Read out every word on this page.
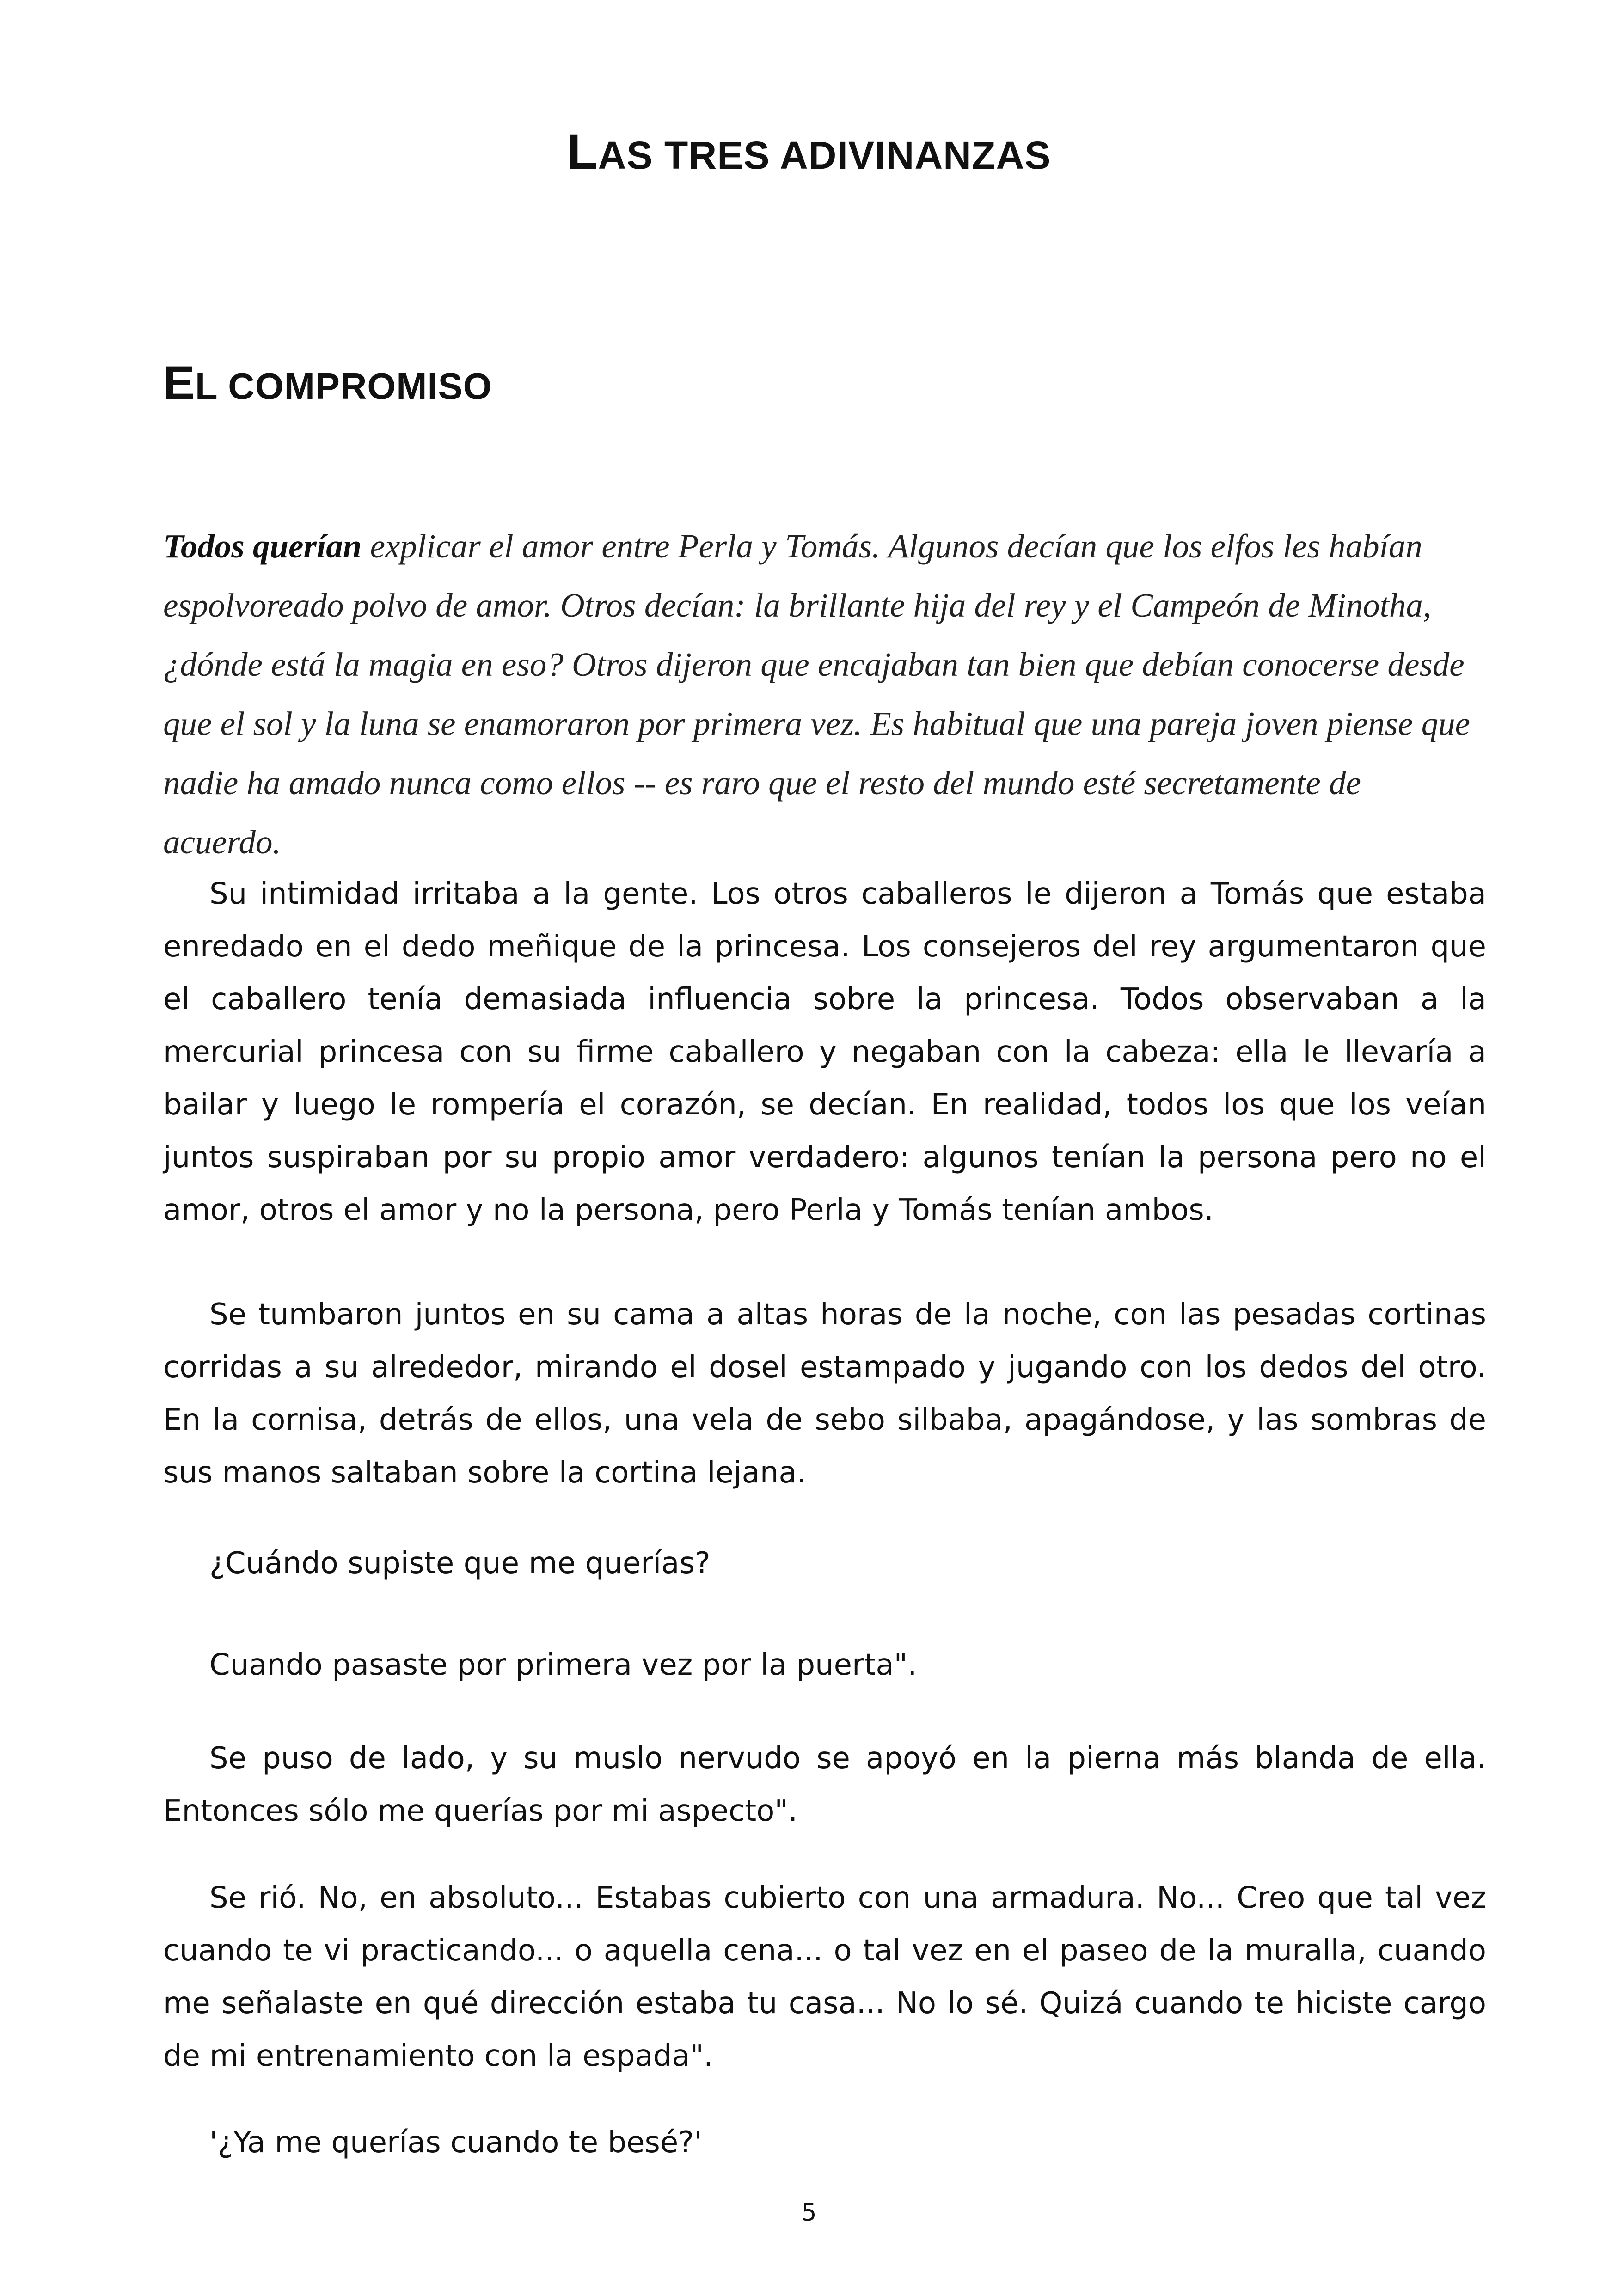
LAS TRES ADIVINANZAS
EL COMPROMISO

Todos querían explicar el amor entre Perla y Tomás. Algunos decían que los elfos les habían espolvoreado polvo de amor. Otros decían: la brillante hija del rey y el Campeón de Minotha, ¿dónde está la magia en eso? Otros dijeron que encajaban tan bien que debían conocerse desde que el sol y la luna se enamoraron por primera vez. Es habitual que una pareja joven piense que nadie ha amado nunca como ellos -- es raro que el resto del mundo esté secretamente de acuerdo.

Su intimidad irritaba a la gente. Los otros caballeros le dijeron a Tomás que estaba enredado en el dedo meñique de la princesa. Los consejeros del rey argumentaron que el caballero tenía demasiada influencia sobre la princesa. Todos observaban a la mercurial princesa con su firme caballero y negaban con la cabeza: ella le llevaría a bailar y luego le rompería el corazón, se decían. En realidad, todos los que los veían juntos suspiraban por su propio amor verdadero: algunos tenían la persona pero no el amor, otros el amor y no la persona, pero Perla y Tomás tenían ambos.

Se tumbaron juntos en su cama a altas horas de la noche, con las pesadas cortinas corridas a su alrededor, mirando el dosel estampado y jugando con los dedos del otro. En la cornisa, detrás de ellos, una vela de sebo silbaba, apagándose, y las sombras de sus manos saltaban sobre la cortina lejana.

¿Cuándo supiste que me querías?

Cuando pasaste por primera vez por la puerta".

Se puso de lado, y su muslo nervudo se apoyó en la pierna más blanda de ella. Entonces sólo me querías por mi aspecto".

Se rió. No, en absoluto... Estabas cubierto con una armadura. No... Creo que tal vez cuando te vi practicando... o aquella cena... o tal vez en el paseo de la muralla, cuando me señalaste en qué dirección estaba tu casa... No lo sé. Quizá cuando te hiciste cargo de mi entrenamiento con la espada".

'¿Ya me querías cuando te besé?'

5
